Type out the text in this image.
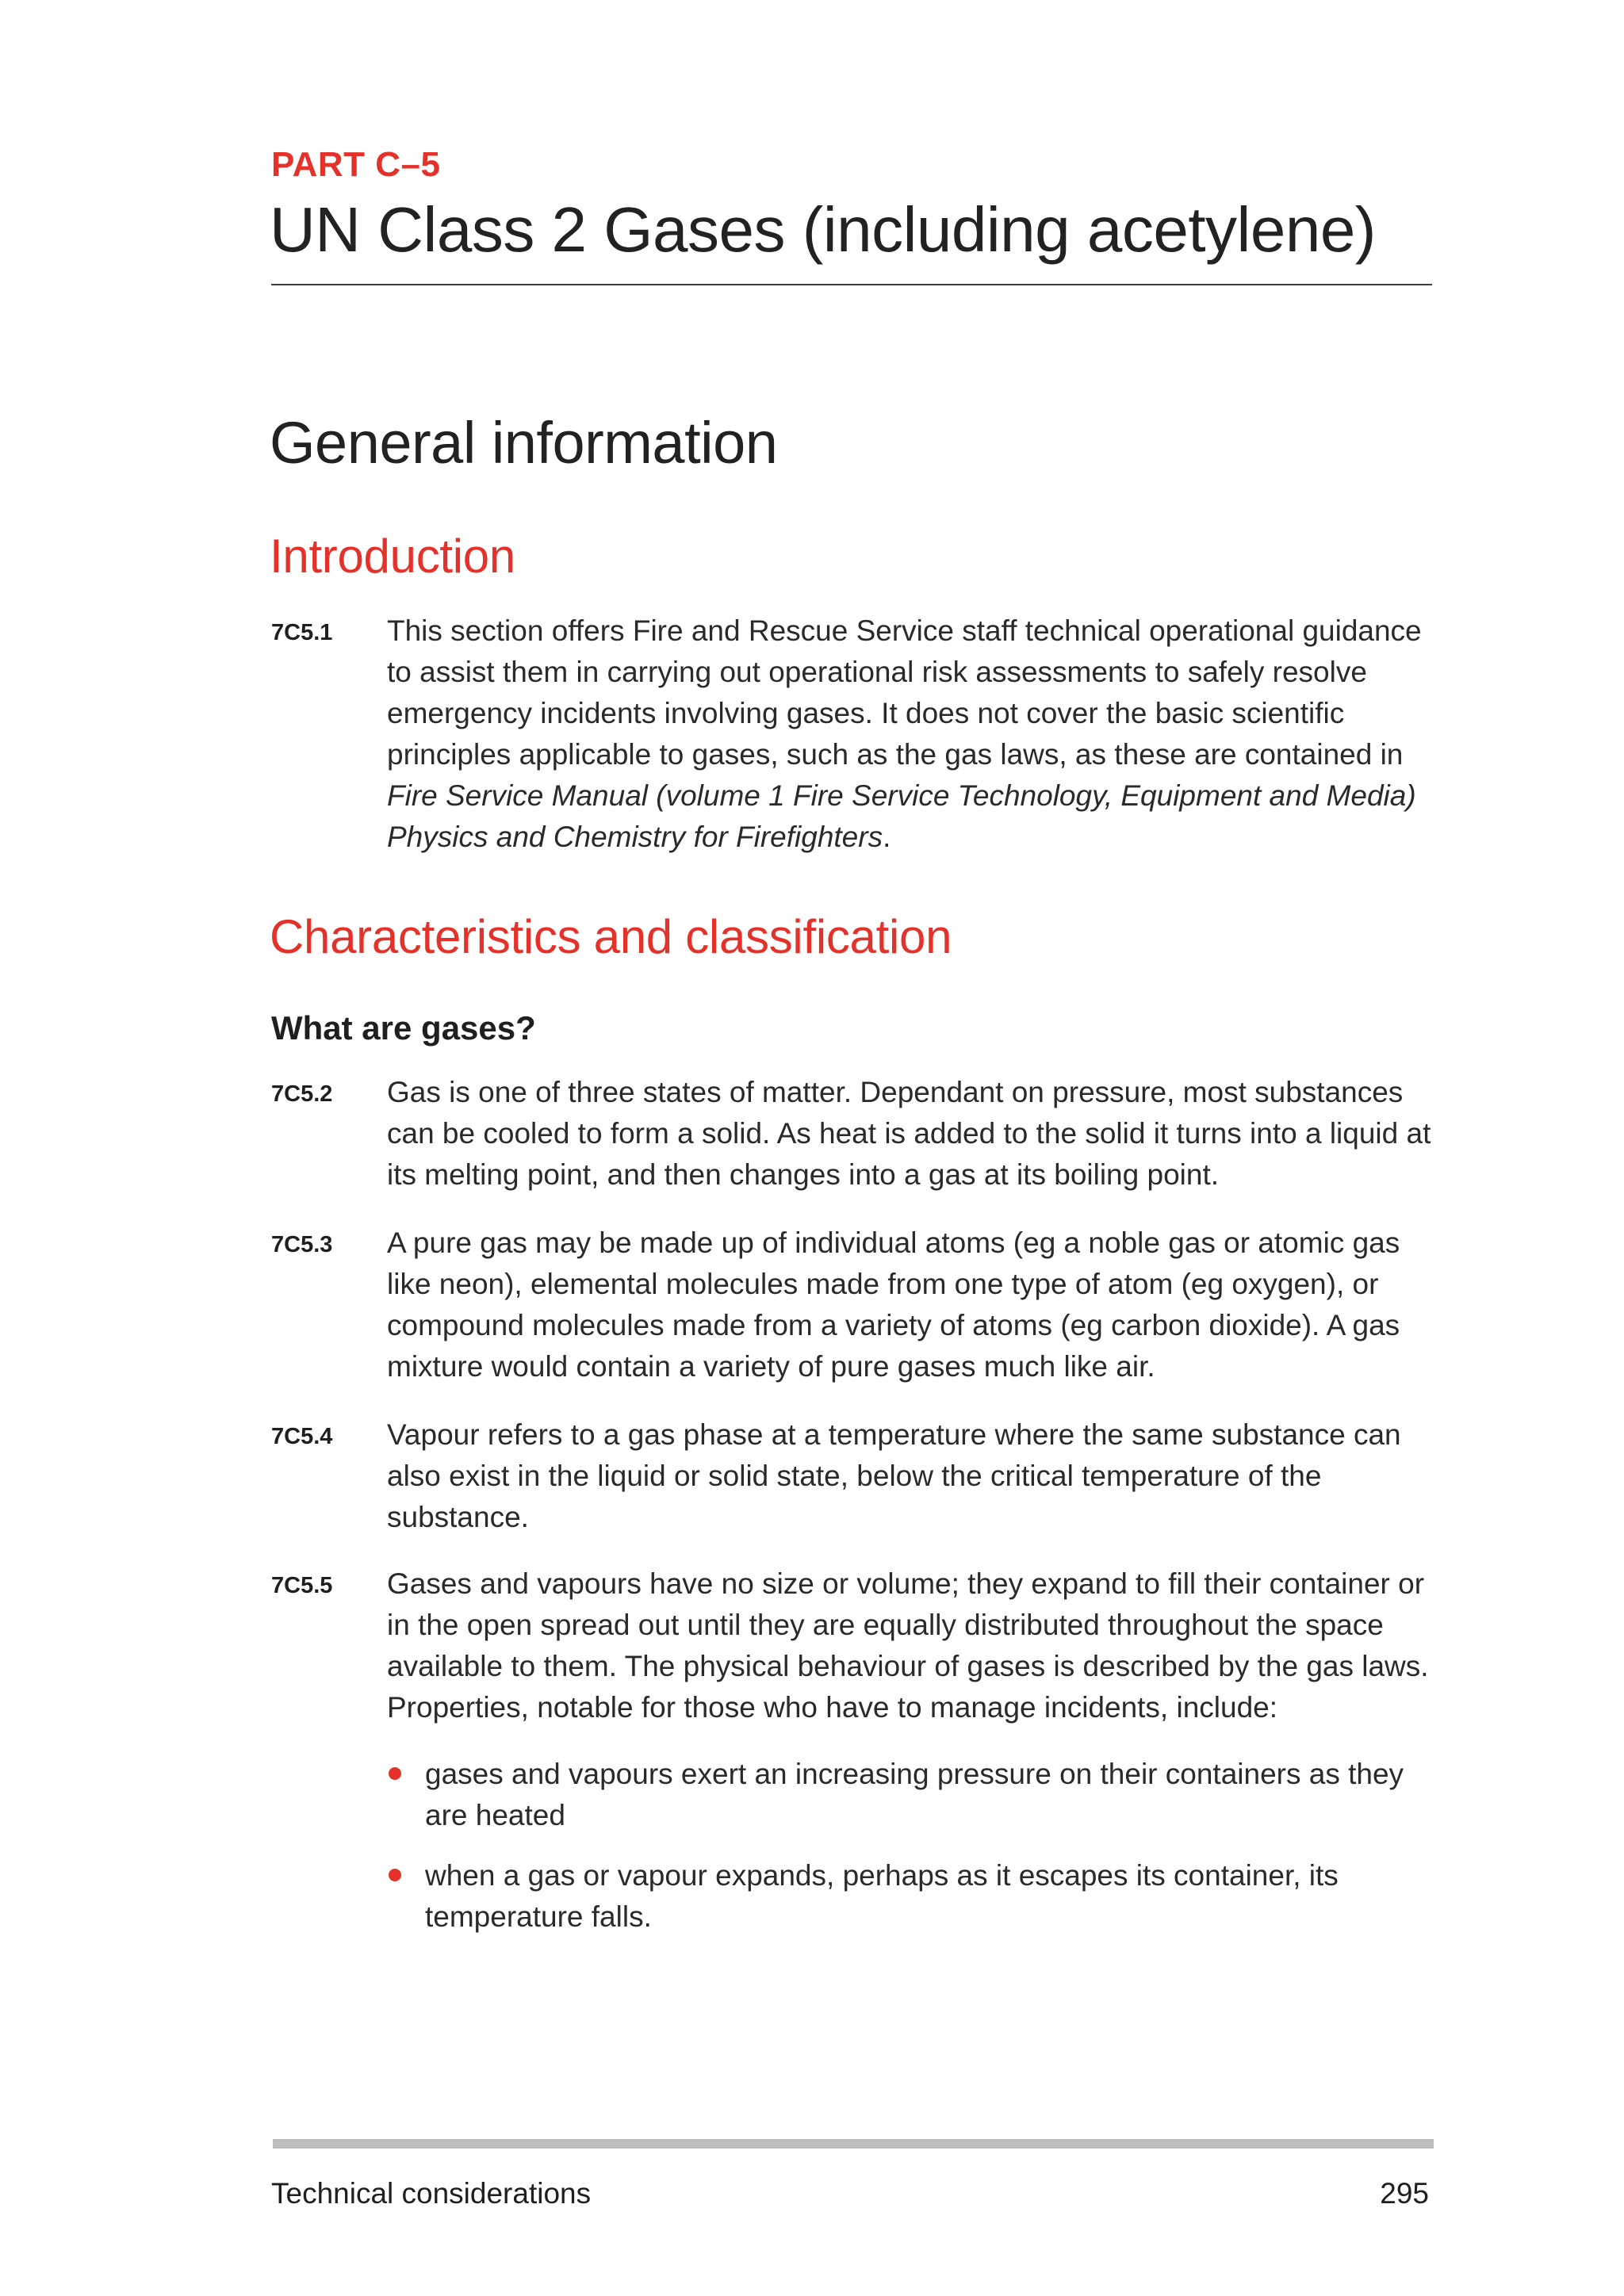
PART C–5
UN Class 2 Gases (including acetylene)
General information
Introduction
7C5.1 This section offers Fire and Rescue Service staff technical operational guidance to assist them in carrying out operational risk assessments to safely resolve emergency incidents involving gases. It does not cover the basic scientific principles applicable to gases, such as the gas laws, as these are contained in Fire Service Manual (volume 1 Fire Service Technology, Equipment and Media) Physics and Chemistry for Firefighters.
Characteristics and classification
What are gases?
7C5.2 Gas is one of three states of matter. Dependant on pressure, most substances can be cooled to form a solid. As heat is added to the solid it turns into a liquid at its melting point, and then changes into a gas at its boiling point.
7C5.3 A pure gas may be made up of individual atoms (eg a noble gas or atomic gas like neon), elemental molecules made from one type of atom (eg oxygen), or compound molecules made from a variety of atoms (eg carbon dioxide). A gas mixture would contain a variety of pure gases much like air.
7C5.4 Vapour refers to a gas phase at a temperature where the same substance can also exist in the liquid or solid state, below the critical temperature of the substance.
7C5.5 Gases and vapours have no size or volume; they expand to fill their container or in the open spread out until they are equally distributed throughout the space available to them. The physical behaviour of gases is described by the gas laws. Properties, notable for those who have to manage incidents, include:
gases and vapours exert an increasing pressure on their containers as they are heated
when a gas or vapour expands, perhaps as it escapes its container, its temperature falls.
Technical considerations	295
